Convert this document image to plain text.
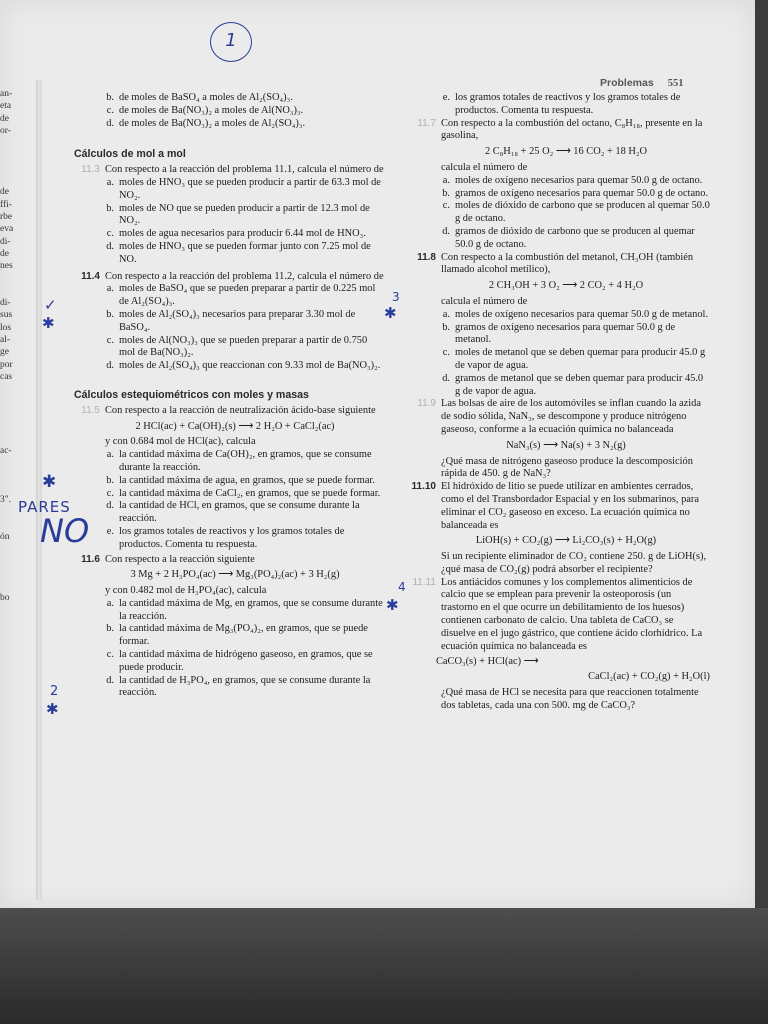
an-
eta
de
or-
de
ffi-
rbe
eva
di-
de
nes
di-
sus
los
al-
ge
por
cas
ac-
3".
ón
bo
1
Problemas 551
b. de moles de BaSO₄ a moles de Al₂(SO₄)₃.
c. de moles de Ba(NO₃)₂ a moles de Al(NO₃)₃.
d. de moles de Ba(NO₃)₂ a moles de Al₂(SO₄)₃.
Cálculos de mol a mol
11.3 Con respecto a la reacción del problema 11.1, calcula el número de
a. moles de HNO₃ que se pueden producir a partir de 63.3 mol de NO₂.
b. moles de NO que se pueden producir a partir de 12.3 mol de NO₂.
c. moles de agua necesarios para producir 6.44 mol de HNO₃.
d. moles de HNO₃ que se pueden formar junto con 7.25 mol de NO.
11.4 Con respecto a la reacción del problema 11.2, calcula el número de
a. moles de BaSO₄ que se pueden preparar a partir de 0.225 mol de Al₂(SO₄)₃.
b. moles de Al₂(SO₄)₃ necesarios para preparar 3.30 mol de BaSO₄.
c. moles de Al(NO₃)₃ que se pueden preparar a partir de 0.750 mol de Ba(NO₃)₂.
d. moles de Al₂(SO₄)₃ que reaccionan con 9.33 mol de Ba(NO₃)₂.
Cálculos estequiométricos con moles y masas
11.5 Con respecto a la reacción de neutralización ácido-base siguiente
2 HCl(ac) + Ca(OH)₂(s) ⟶ 2 H₂O + CaCl₂(ac)
y con 0.684 mol de HCl(ac), calcula
a. la cantidad máxima de Ca(OH)₂, en gramos, que se consume durante la reacción.
b. la cantidad máxima de agua, en gramos, que se puede formar.
c. la cantidad máxima de CaCl₂, en gramos, que se puede formar.
d. la cantidad de HCl, en gramos, que se consume durante la reacción.
e. los gramos totales de reactivos y los gramos totales de productos. Comenta tu respuesta.
11.6 Con respecto a la reacción siguiente
3 Mg + 2 H₃PO₄(ac) ⟶ Mg₃(PO₄)₂(ac) + 3 H₂(g)
y con 0.482 mol de H₃PO₄(ac), calcula
a. la cantidad máxima de Mg, en gramos, que se consume durante la reacción.
b. la cantidad máxima de Mg₃(PO₄)₂, en gramos, que se puede formar.
c. la cantidad máxima de hidrógeno gaseoso, en gramos, que se puede producir.
d. la cantidad de H₃PO₄, en gramos, que se consume durante la reacción.
e. los gramos totales de reactivos y los gramos totales de productos. Comenta tu respuesta.
11.7 Con respecto a la combustión del octano, C₈H₁₈, presente en la gasolina,
2 C₈H₁₈ + 25 O₂ ⟶ 16 CO₂ + 18 H₂O
calcula el número de
a. moles de oxígeno necesarios para quemar 50.0 g de octano.
b. gramos de oxígeno necesarios para quemar 50.0 g de octano.
c. moles de dióxido de carbono que se producen al quemar 50.0 g de octano.
d. gramos de dióxido de carbono que se producen al quemar 50.0 g de octano.
11.8 Con respecto a la combustión del metanol, CH₃OH (también llamado alcohol metílico),
2 CH₃OH + 3 O₂ ⟶ 2 CO₂ + 4 H₂O
calcula el número de
a. moles de oxígeno necesarios para quemar 50.0 g de metanol.
b. gramos de oxígeno necesarios para quemar 50.0 g de metanol.
c. moles de metanol que se deben quemar para producir 45.0 g de vapor de agua.
d. gramos de metanol que se deben quemar para producir 45.0 g de vapor de agua.
11.9 Las bolsas de aire de los automóviles se inflan cuando la azida de sodio sólida, NaN₃, se descompone y produce nitrógeno gaseoso, conforme a la ecuación química no balanceada
NaN₃(s) ⟶ Na(s) + 3 N₂(g)
¿Qué masa de nitrógeno gaseoso produce la descomposición rápida de 450. g de NaN₃?
11.10 El hidróxido de litio se puede utilizar en ambientes cerrados, como el del Transbordador Espacial y en los submarinos, para eliminar el CO₂ gaseoso en exceso. La ecuación química no balanceada es
LiOH(s) + CO₂(g) ⟶ Li₂CO₃(s) + H₂O(g)
Si un recipiente eliminador de CO₂ contiene 250. g de LiOH(s), ¿qué masa de CO₂(g) podrá absorber el recipiente?
11.11 Los antiácidos comunes y los complementos alimenticios de calcio que se emplean para prevenir la osteoporosis (un trastorno en el que ocurre un debilitamiento de los huesos) contienen carbonato de calcio. Una tableta de CaCO₃ se disuelve en el jugo gástrico, que contiene ácido clorhídrico. La ecuación química no balanceada es
CaCO₃(s) + HCl(ac) ⟶
CaCl₂(ac) + CO₂(g) + H₂O(l)
¿Qué masa de HCl se necesita para que reaccionen totalmente dos tabletas, cada una con 500. mg de CaCO₃?
✓
✱
✱
PARES
NO
2
✱
3
✱
4
✱
